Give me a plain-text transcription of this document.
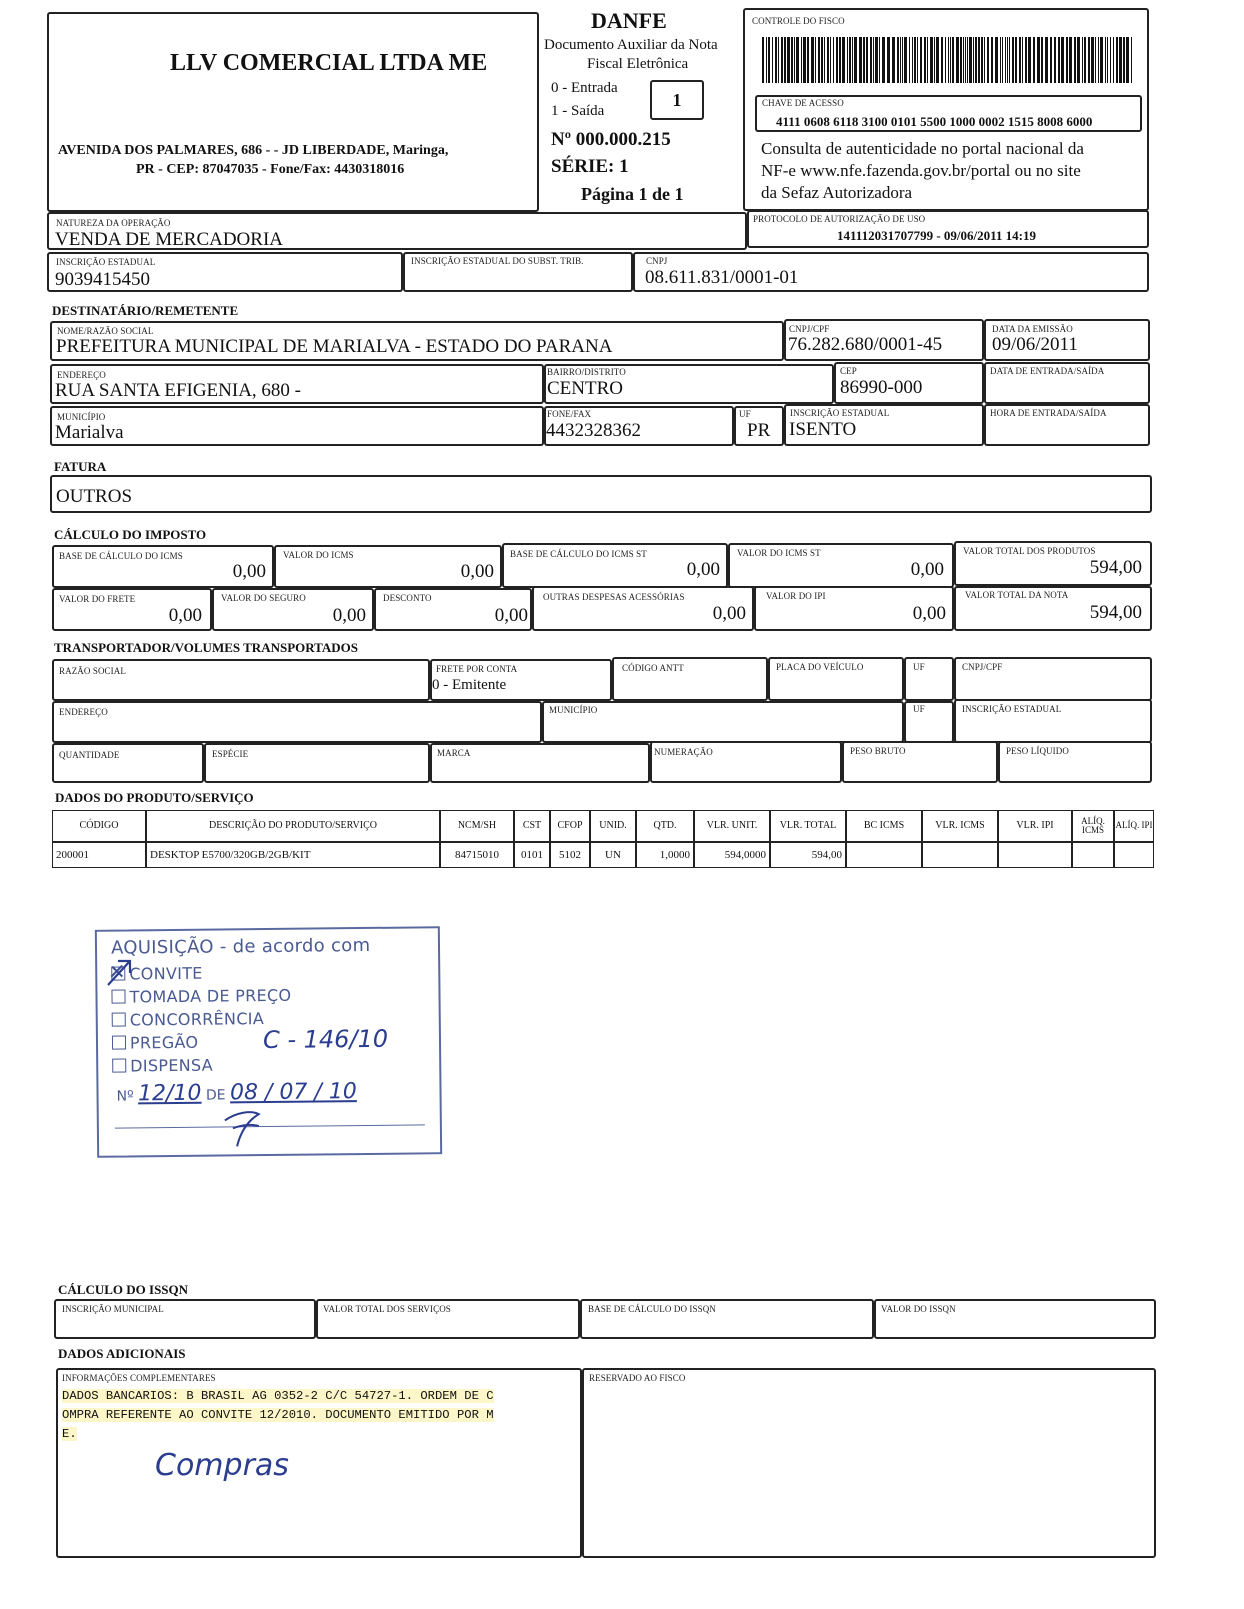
LLV COMERCIAL LTDA ME
AVENIDA DOS PALMARES, 686 - - JD LIBERDADE, Maringa,
PR - CEP: 87047035 - Fone/Fax: 4430318016
DANFE
Documento Auxiliar da Nota
Fiscal Eletrônica
0 - Entrada
1 - Saída
1
Nº 000.000.215
SÉRIE: 1
Página 1 de 1
CONTROLE DO FISCO
CHAVE DE ACESSO
4111 0608 6118 3100 0101 5500 1000 0002 1515 8008 6000
Consulta de autenticidade no portal nacional da
NF-e www.nfe.fazenda.gov.br/portal ou no site
da Sefaz Autorizadora
NATUREZA DA OPERAÇÃO
VENDA DE MERCADORIA
PROTOCOLO DE AUTORIZAÇÃO DE USO
141112031707799 - 09/06/2011 14:19
INSCRIÇÃO ESTADUAL
9039415450
INSCRIÇÃO ESTADUAL DO SUBST. TRIB.	CNPJ
08.611.831/0001-01
DESTINATÁRIO/REMETENTE
NOME/RAZÃO SOCIAL
PREFEITURA MUNICIPAL DE MARIALVA - ESTADO DO PARANA
CNPJ/CPF
76.282.680/0001-45
DATA DA EMISSÃO
09/06/2011
ENDEREÇO
RUA SANTA EFIGENIA, 680 -
BAIRRO/DISTRITO
CENTRO
CEP
86990-000
DATA DE ENTRADA/SAÍDA
MUNICÍPIO
Marialva
FONE/FAX
4432328362
UF
PR
INSCRIÇÃO ESTADUAL
ISENTO
HORA DE ENTRADA/SAÍDA
FATURA
OUTROS
CÁLCULO DO IMPOSTO
BASE DE CÁLCULO DO ICMS
0,00
VALOR DO ICMS
0,00
BASE DE CÁLCULO DO ICMS ST
0,00
VALOR DO ICMS ST
0,00
VALOR TOTAL DOS PRODUTOS
594,00
VALOR DO FRETE
0,00
VALOR DO SEGURO
0,00
DESCONTO
0,00
OUTRAS DESPESAS ACESSÓRIAS
0,00
VALOR DO IPI
0,00
VALOR TOTAL DA NOTA
594,00
TRANSPORTADOR/VOLUMES TRANSPORTADOS
RAZÃO SOCIAL	FRETE POR CONTA
0 - Emitente
CÓDIGO ANTT	PLACA DO VEÍCULO	UF	CNPJ/CPF
ENDEREÇO	MUNICÍPIO	UF	INSCRIÇÃO ESTADUAL
QUANTIDADE	ESPÉCIE	MARCA	NUMERAÇÃO	PESO BRUTO	PESO LÍQUIDO
DADOS DO PRODUTO/SERVIÇO
CÓDIGO	DESCRIÇÃO DO PRODUTO/SERVIÇO	NCM/SH	CST	CFOP	UNID.	QTD.	VLR. UNIT.	VLR. TOTAL	BC ICMS	VLR. ICMS	VLR. IPI	ALÍQ. ICMS	ALÍQ. IPI
200001	DESKTOP E5700/320GB/2GB/KIT	84715010	0101	5102	UN	1,0000	594,0000	594,00
AQUISIÇÃO - de acordo com
CONVITE
TOMADA DE PREÇO
CONCORRÊNCIA
PREGÃO
DISPENSA
C - 146/10
Nº 12/10 DE 08 / 07 / 10
CÁLCULO DO ISSQN
INSCRIÇÃO MUNICIPAL	VALOR TOTAL DOS SERVIÇOS	BASE DE CÁLCULO DO ISSQN	VALOR DO ISSQN
DADOS ADICIONAIS
INFORMAÇÕES COMPLEMENTARES
DADOS BANCARIOS: B BRASIL AG 0352-2 C/C 54727-1. ORDEM DE C
OMPRA REFERENTE AO CONVITE 12/2010. DOCUMENTO EMITIDO POR M
E.
Compras
RESERVADO AO FISCO
